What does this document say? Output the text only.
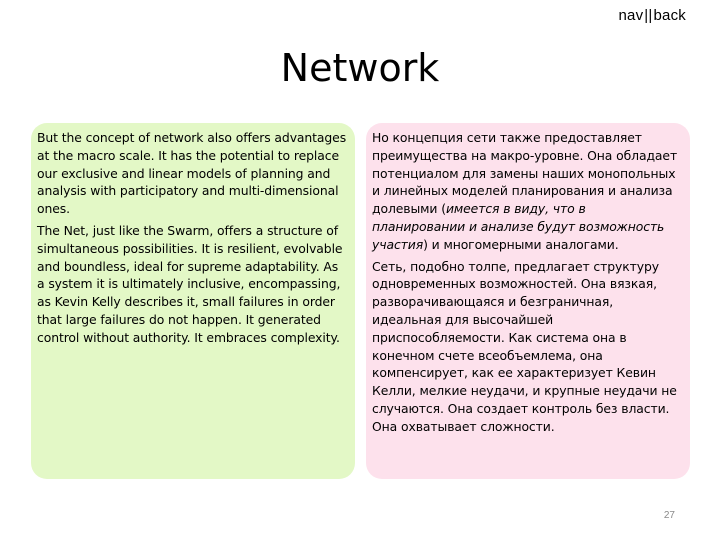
nav||back
Network

But the concept of network also offers advantages at the macro scale. It has the potential to replace our exclusive and linear models of planning and analysis with participatory and multi-dimensional ones.

The Net, just like the Swarm, offers a structure of simultaneous possibilities. It is resilient, evolvable and boundless, ideal for supreme adaptability. As a system it is ultimately inclusive, encompassing, as Kevin Kelly describes it, small failures in order that large failures do not happen. It generated control without authority. It embraces complexity.

Но концепция сети также предоставляет преимущества на макро-уровне. Она обладает потенциалом для замены наших монопольных и линейных моделей планирования и анализа долевыми (имеется в виду, что в планировании и анализе будут возможность участия) и многомерными аналогами.

Сеть, подобно толпе, предлагает структуру одновременных возможностей. Она вязкая, разворачивающаяся и безграничная, идеальная для высочайшей приспособляемости. Как система она в конечном счете всеобъемлема, она компенсирует, как ее характеризует Кевин Келли, мелкие неудачи, и крупные неудачи не случаются. Она создает контроль без власти. Она охватывает сложности.

27
